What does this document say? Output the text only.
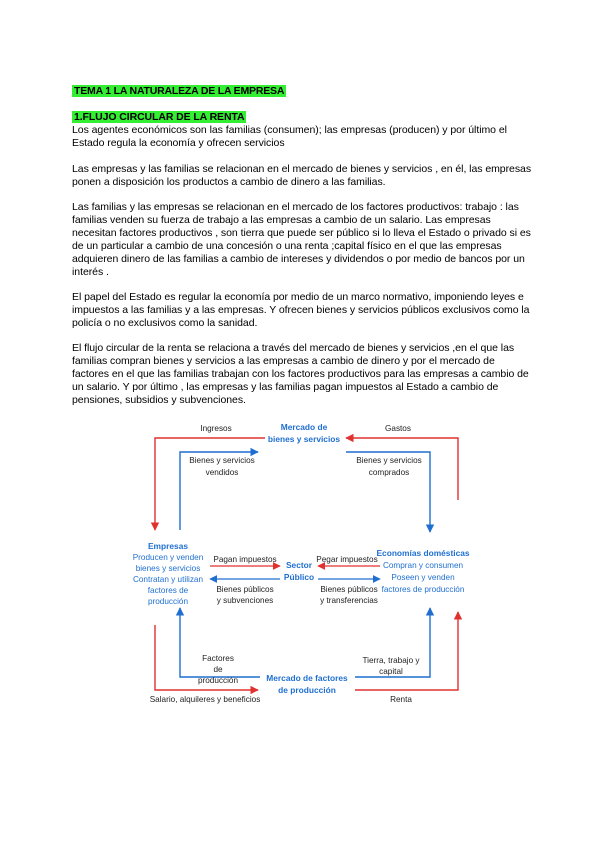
TEMA 1 LA NATURALEZA DE LA EMPRESA
1.FLUJO CIRCULAR DE LA RENTA

Los agentes económicos son las familias (consumen); las empresas (producen) y por último el Estado regula la economía y ofrecen servicios

Las empresas y las familias se relacionan en el mercado de bienes y servicios , en él, las empresas ponen a disposición los productos a cambio de dinero a las familias.

Las familias y las empresas se relacionan en el mercado de los factores productivos: trabajo : las familias venden su fuerza de trabajo a las empresas a cambio de un salario. Las empresas necesitan factores productivos , son tierra que puede ser público si lo lleva el Estado o privado si es de un particular a cambio de una concesión o una renta ;capital físico en el que las empresas adquieren dinero de las familias a cambio de intereses y dividendos o por medio de bancos por un interés .

El papel del Estado es regular la economía por medio de un marco normativo, imponiendo leyes e impuestos a las familias y a las empresas. Y ofrecen bienes y servicios públicos exclusivos como la policía o no exclusivos como la sanidad.

El flujo circular de la renta se relaciona a través del mercado de bienes y servicios ,en el que las familias compran bienes y servicios a las empresas a cambio de dinero y por el mercado de factores en el que las familias trabajan con los factores productivos para las empresas a cambio de un salario. Y por último , las empresas y las familias pagan impuestos al Estado a cambio de pensiones, subsidios y subvenciones.

Ingresos	Gastos
Mercado de
bienes y servicios
Bienes y servicios
vendidos
Bienes y servicios
comprados
Empresas
Producen y venden
bienes y servicios
Contratan y utilizan
factores de
producción
Economías domésticas
Compran y consumen
Poseen y venden
factores de producción
Sector
Público
Pagan impuestos	Pegar impuestos
Bienes públicos
y subvenciones
Bienes públicos
y transferencias
Factores
de
producción
Tierra, trabajo y
capital
Mercado de factores
de producción
Salario, alquileres y beneficios	Renta
